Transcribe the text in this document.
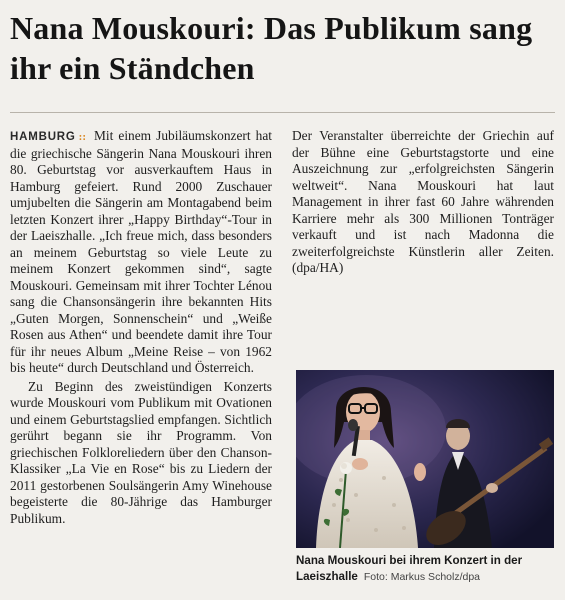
Nana Mouskouri: Das Publikum sang ihr ein Ständchen

HAMBURG :: Mit einem Jubiläumskonzert hat die griechische Sängerin Nana Mouskouri ihren 80. Geburtstag vor ausverkauftem Haus in Hamburg gefeiert. Rund 2000 Zuschauer umjubelten die Sängerin am Montagabend beim letzten Konzert ihrer „Happy Birthday“-Tour in der Laeiszhalle. „Ich freue mich, dass besonders an meinem Geburtstag so viele Leute zu meinem Konzert gekommen sind“, sagte Mouskouri. Gemeinsam mit ihrer Tochter Lénou sang die Chansonsängerin ihre bekannten Hits „Guten Morgen, Sonnenschein“ und „Weiße Rosen aus Athen“ und beendete damit ihre Tour für ihr neues Album „Meine Reise – von 1962 bis heute“ durch Deutschland und Österreich.

Zu Beginn des zweistündigen Konzerts wurde Mouskouri vom Publikum mit Ovationen und einem Geburtstagslied empfangen. Sichtlich gerührt begann sie ihr Programm. Von griechischen Folkloreliedern über den Chanson-Klassiker „La Vie en Rose“ bis zu Liedern der 2011 gestorbenen Soulsängerin Amy Winehouse begeisterte die 80-Jährige das Hamburger Publikum.

Der Veranstalter überreichte der Griechin auf der Bühne eine Geburtstagstorte und eine Auszeichnung zur „erfolgreichsten Sängerin weltweit“. Nana Mouskouri hat laut Management in ihrer fast 60 Jahre währenden Karriere mehr als 300 Millionen Tonträger verkauft und ist nach Madonna die zweiterfolgreichste Künstlerin aller Zeiten. (dpa/HA)

Nana Mouskouri bei ihrem Konzert in der Laeiszhalle Foto: Markus Scholz/dpa
